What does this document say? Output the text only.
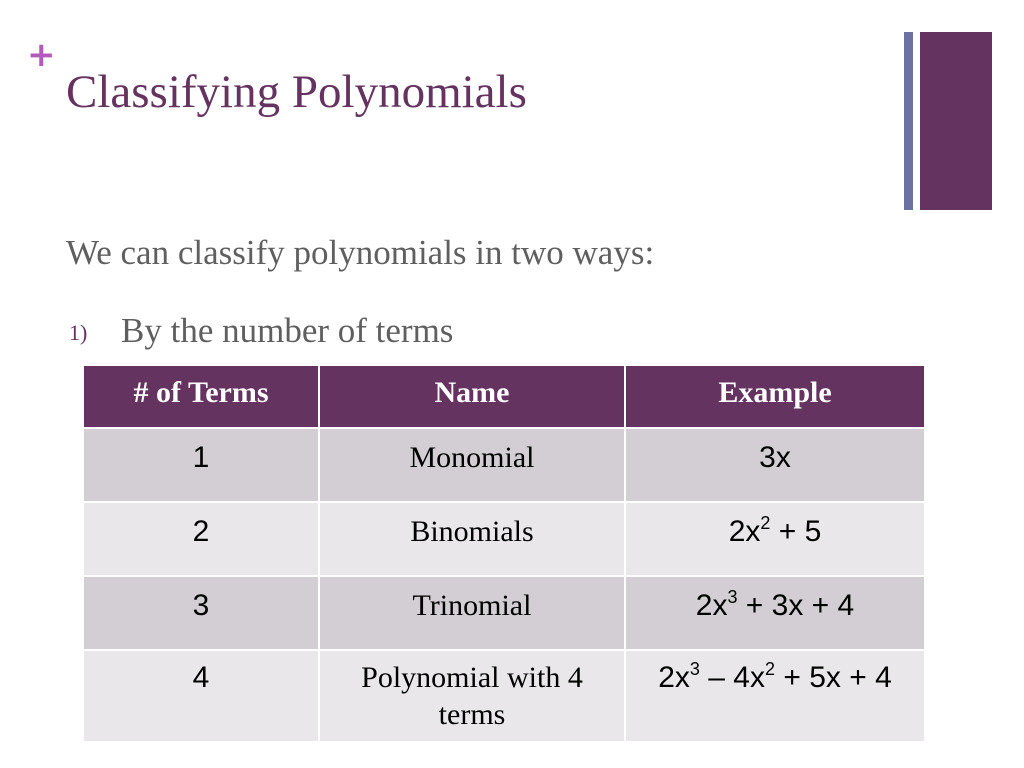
+
Classifying Polynomials
We can classify polynomials in two ways:
1) By the number of terms
# of Terms	Name	Example
1	Monomial	3x
2	Binomials	$2x^2 + 5$
3	Trinomial	$2x^3 + 3x + 4$
4	Polynomial with 4 terms	$2x^3 - 4x^2 + 5x + 4$
